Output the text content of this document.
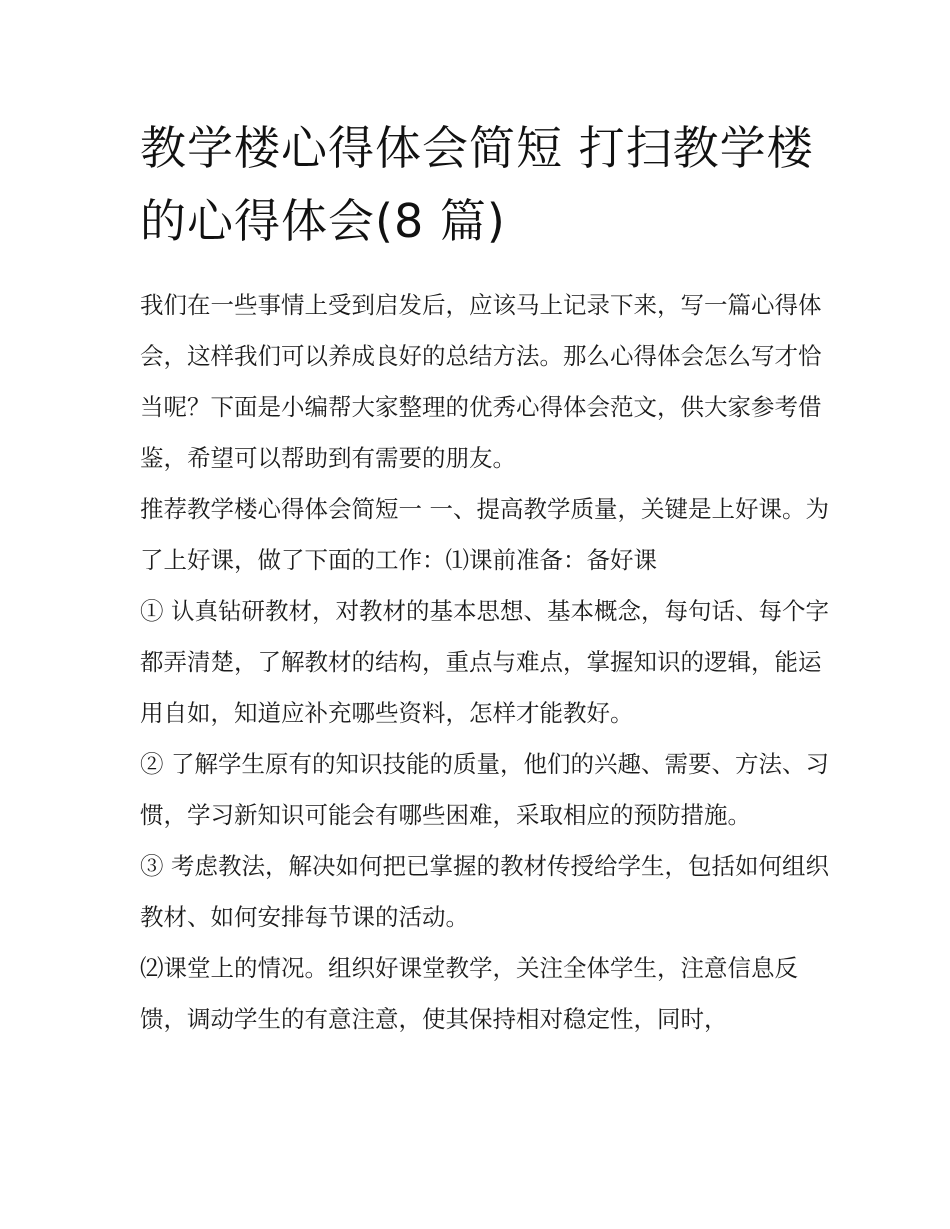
教学楼心得体会简短 打扫教学楼的心得体会(8 篇)

我们在一些事情上受到启发后，应该马上记录下来，写一篇心得体会，这样我们可以养成良好的总结方法。那么心得体会怎么写才恰当呢？下面是小编帮大家整理的优秀心得体会范文，供大家参考借鉴，希望可以帮助到有需要的朋友。

推荐教学楼心得体会简短一 一、提高教学质量，关键是上好课。为了上好课，做了下面的工作：⑴课前准备：备好课

① 认真钻研教材，对教材的基本思想、基本概念，每句话、每个字都弄清楚，了解教材的结构，重点与难点，掌握知识的逻辑，能运用自如，知道应补充哪些资料，怎样才能教好。

② 了解学生原有的知识技能的质量，他们的兴趣、需要、方法、习惯，学习新知识可能会有哪些困难，采取相应的预防措施。

③ 考虑教法，解决如何把已掌握的教材传授给学生，包括如何组织教材、如何安排每节课的活动。

⑵课堂上的情况。组织好课堂教学，关注全体学生，注意信息反馈，调动学生的有意注意，使其保持相对稳定性，同时，
